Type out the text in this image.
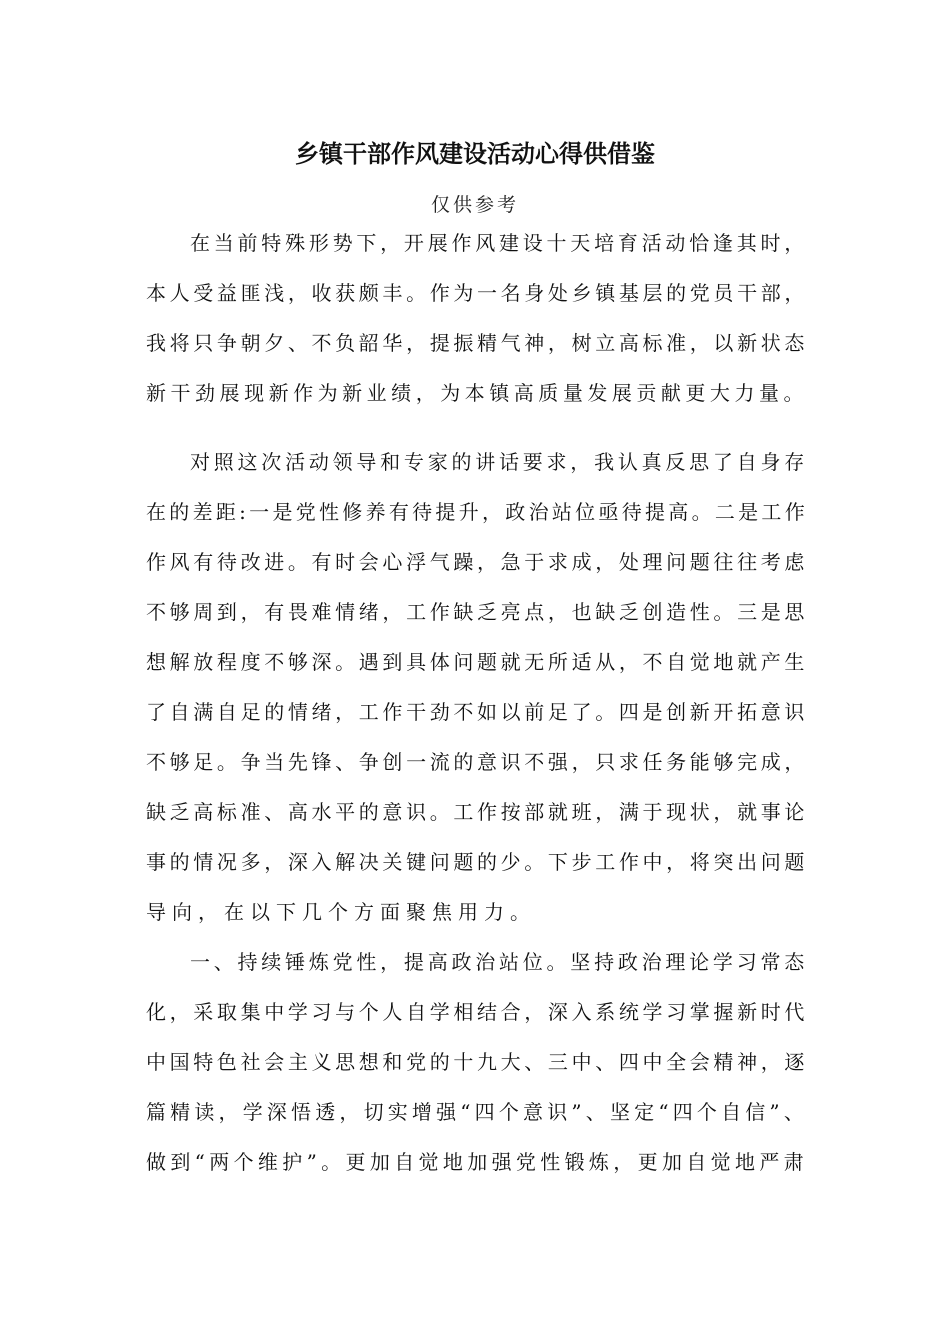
乡镇干部作风建设活动心得供借鉴
仅供参考
在当前特殊形势下，开展作风建设十天培育活动恰逢其时，
本人受益匪浅，收获颇丰。作为一名身处乡镇基层的党员干部，
我将只争朝夕、不负韶华，提振精气神，树立高标准，以新状态
新干劲展现新作为新业绩，为本镇高质量发展贡献更大力量。
对照这次活动领导和专家的讲话要求，我认真反思了自身存
在的差距:一是党性修养有待提升，政治站位亟待提高。二是工作
作风有待改进。有时会心浮气躁，急于求成，处理问题往往考虑
不够周到，有畏难情绪，工作缺乏亮点，也缺乏创造性。三是思
想解放程度不够深。遇到具体问题就无所适从，不自觉地就产生
了自满自足的情绪，工作干劲不如以前足了。四是创新开拓意识
不够足。争当先锋、争创一流的意识不强，只求任务能够完成，
缺乏高标准、高水平的意识。工作按部就班，满于现状，就事论
事的情况多，深入解决关键问题的少。下步工作中，将突出问题
导向，在以下几个方面聚焦用力。
一、持续锤炼党性，提高政治站位。坚持政治理论学习常态
化，采取集中学习与个人自学相结合，深入系统学习掌握新时代
中国特色社会主义思想和党的十九大、三中、四中全会精神，逐
篇精读，学深悟透，切实增强“四个意识”、坚定“四个自信”、
做到“两个维护”。更加自觉地加强党性锻炼，更加自觉地严肃
